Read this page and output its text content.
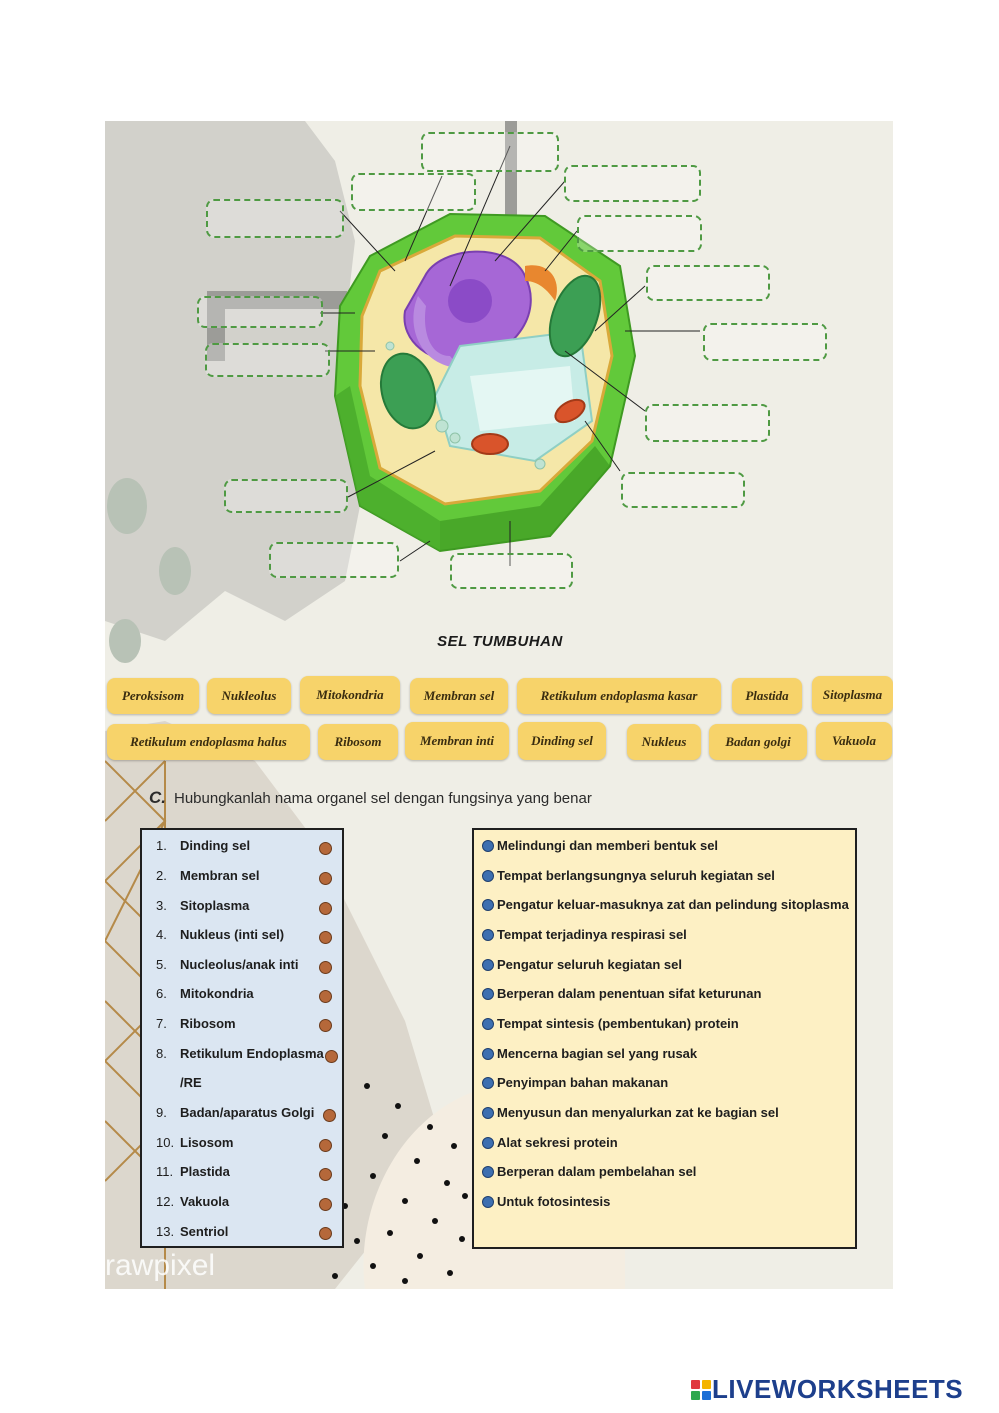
SEL TUMBUHAN
Peroksisom	Nukleolus	Mitokondria	Membran sel	Retikulum endoplasma kasar	Plastida	Sitoplasma
Retikulum endoplasma halus	Ribosom	Membran inti	Dinding sel	Nukleus	Badan golgi	Vakuola
C. Hubungkanlah nama organel sel dengan fungsinya yang benar
1. Dinding sel
2. Membran sel
3. Sitoplasma
4. Nukleus (inti sel)
5. Nucleolus/anak inti
6. Mitokondria
7. Ribosom
8. Retikulum Endoplasma
/RE
9. Badan/aparatus Golgi
10. Lisosom
11. Plastida
12. Vakuola
13. Sentriol
Melindungi dan memberi bentuk sel
Tempat berlangsungnya seluruh kegiatan sel
Pengatur keluar-masuknya zat dan pelindung sitoplasma
Tempat terjadinya respirasi sel
Pengatur seluruh kegiatan sel
Berperan dalam penentuan sifat keturunan
Tempat sintesis (pembentukan) protein
Mencerna bagian sel yang rusak
Penyimpan bahan makanan
Menyusun dan menyalurkan zat ke bagian sel
Alat sekresi protein
Berperan dalam pembelahan sel
Untuk fotosintesis
rawpixel
LIVEWORKSHEETS
